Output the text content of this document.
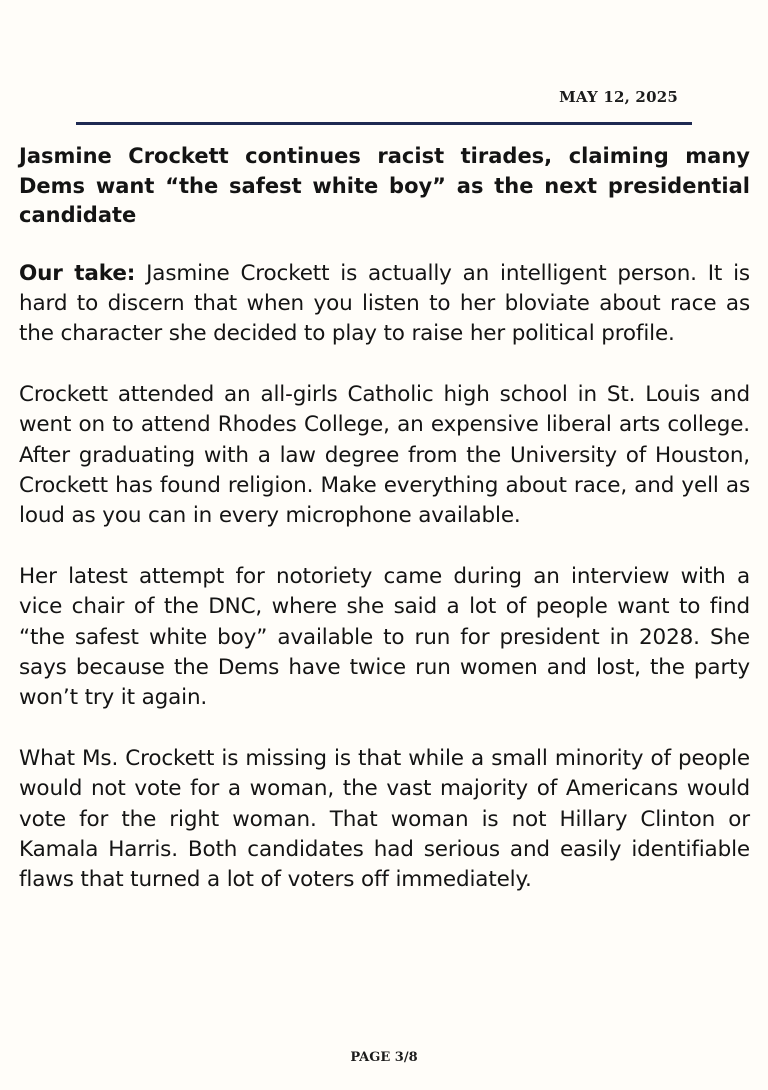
MAY 12, 2025

Jasmine Crockett continues racist tirades, claiming many Dems want “the safest white boy” as the next presidential candidate

Our take: Jasmine Crockett is actually an intelligent person. It is hard to discern that when you listen to her bloviate about race as the character she decided to play to raise her political profile.

Crockett attended an all-girls Catholic high school in St. Louis and went on to attend Rhodes College, an expensive liberal arts college. After graduating with a law degree from the University of Houston, Crockett has found religion. Make everything about race, and yell as loud as you can in every microphone available.

Her latest attempt for notoriety came during an interview with a vice chair of the DNC, where she said a lot of people want to find “the safest white boy” available to run for president in 2028. She says because the Dems have twice run women and lost, the party won’t try it again.

What Ms. Crockett is missing is that while a small minority of people would not vote for a woman, the vast majority of Americans would vote for the right woman. That woman is not Hillary Clinton or Kamala Harris. Both candidates had serious and easily identifiable flaws that turned a lot of voters off immediately.

PAGE 3/8
